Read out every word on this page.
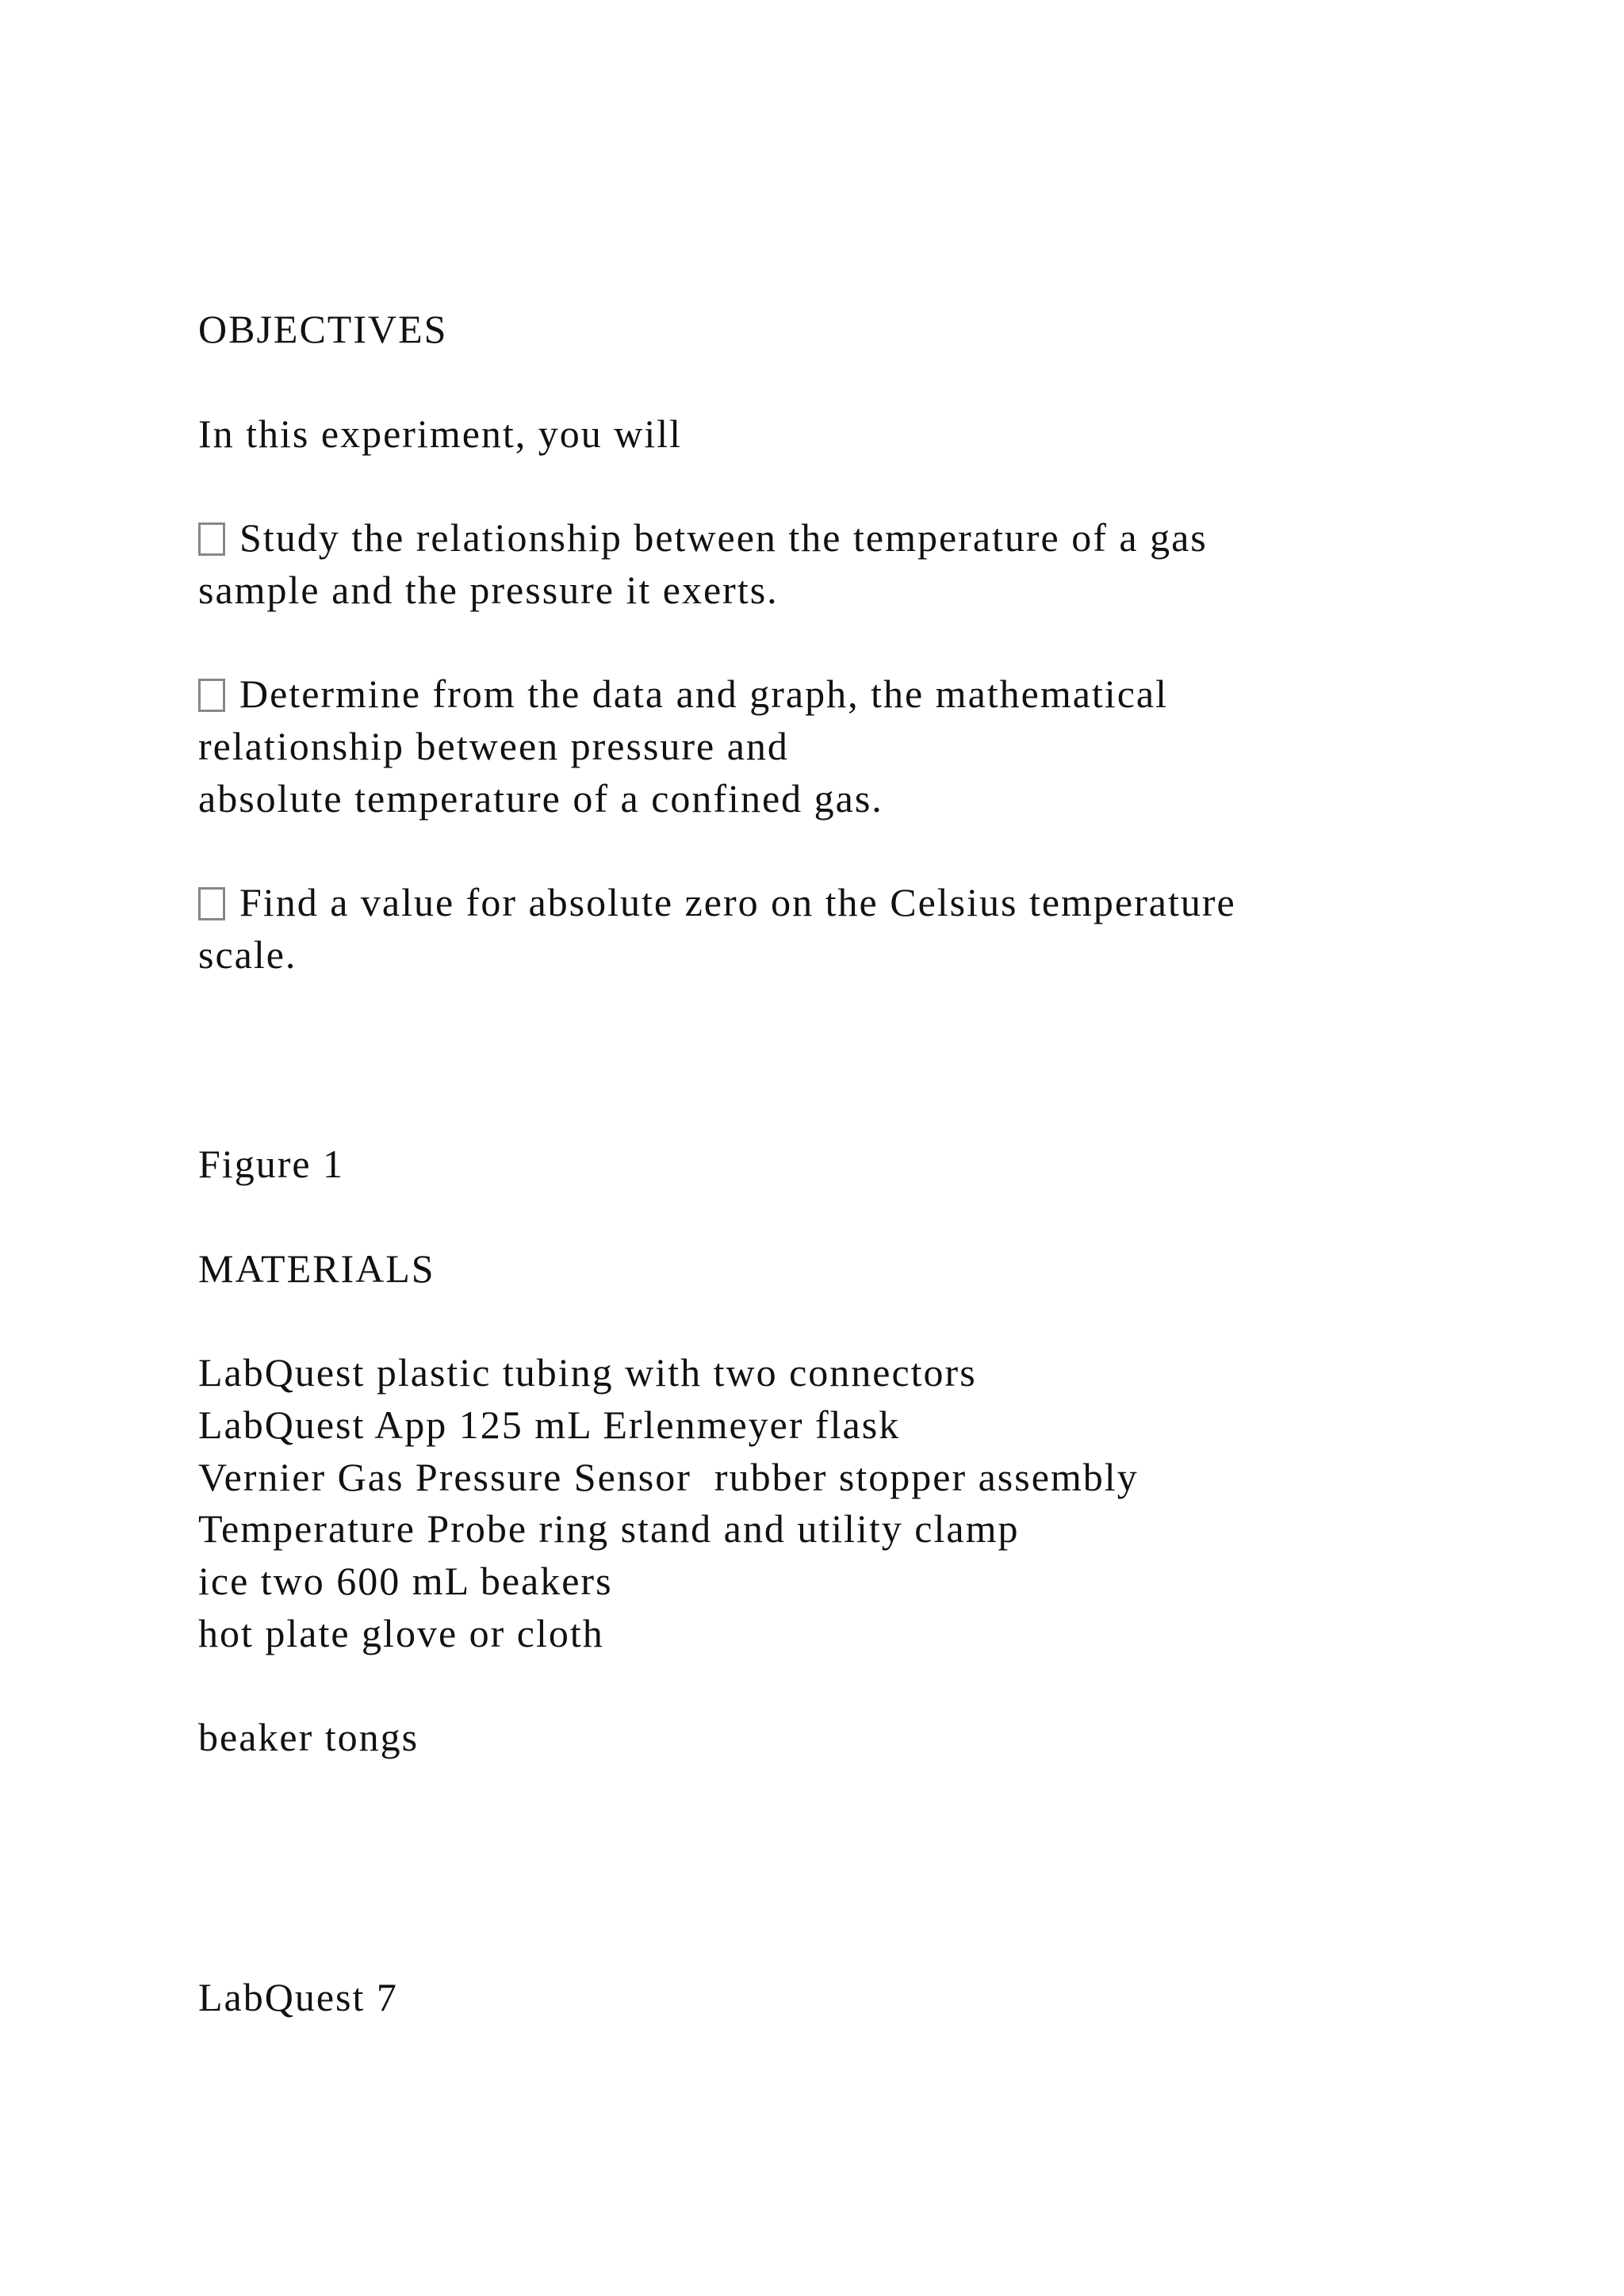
OBJECTIVES
In this experiment, you will
Study the relationship between the temperature of a gas
sample and the pressure it exerts.
Determine from the data and graph, the mathematical
relationship between pressure and
absolute temperature of a confined gas.
Find a value for absolute zero on the Celsius temperature
scale.
Figure 1
MATERIALS
LabQuest plastic tubing with two connectors
LabQuest App 125 mL Erlenmeyer flask
Vernier Gas Pressure Sensor  rubber stopper assembly
Temperature Probe ring stand and utility clamp
ice two 600 mL beakers
hot plate glove or cloth
beaker tongs
LabQuest 7
